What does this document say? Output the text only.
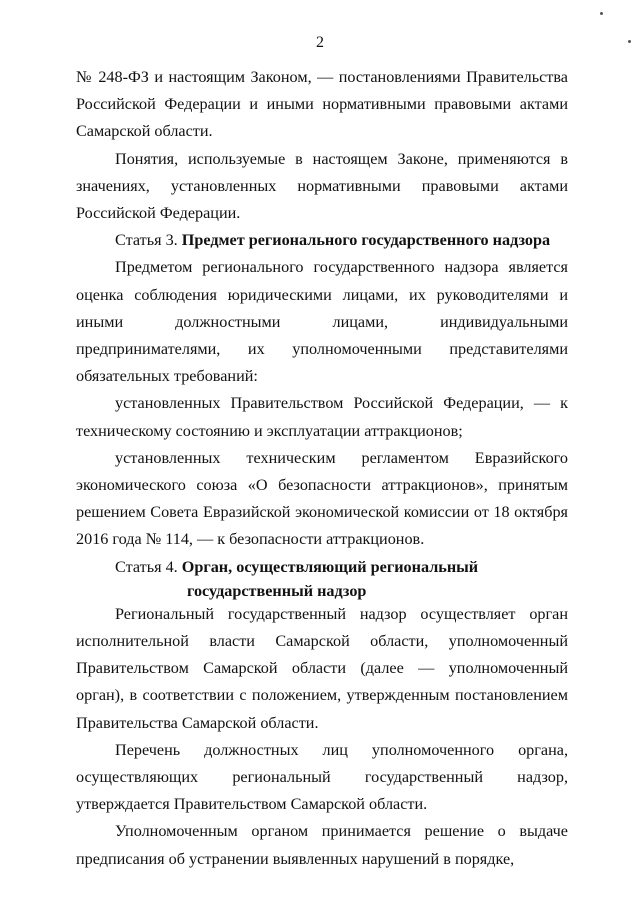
2

№ 248-ФЗ и настоящим Законом, — постановлениями Правительства Российской Федерации и иными нормативными правовыми актами Самарской области.

Понятия, используемые в настоящем Законе, применяются в значениях, установленных нормативными правовыми актами Российской Федерации.

Статья 3. Предмет регионального государственного надзора

Предметом регионального государственного надзора является оценка соблюдения юридическими лицами, их руководителями и иными должностными лицами, индивидуальными предпринимателями, их уполномоченными представителями обязательных требований:

установленных Правительством Российской Федерации, — к техническому состоянию и эксплуатации аттракционов;

установленных техническим регламентом Евразийского экономического союза «О безопасности аттракционов», принятым решением Совета Евразийской экономической комиссии от 18 октября 2016 года № 114, — к безопасности аттракционов.

Статья 4. Орган, осуществляющий региональный
государственный надзор

Региональный государственный надзор осуществляет орган исполнительной власти Самарской области, уполномоченный Правительством Самарской области (далее — уполномоченный орган), в соответствии с положением, утвержденным постановлением Правительства Самарской области.

Перечень должностных лиц уполномоченного органа, осуществляющих региональный государственный надзор, утверждается Правительством Самарской области.

Уполномоченным органом принимается решение о выдаче предписания об устранении выявленных нарушений в порядке,
